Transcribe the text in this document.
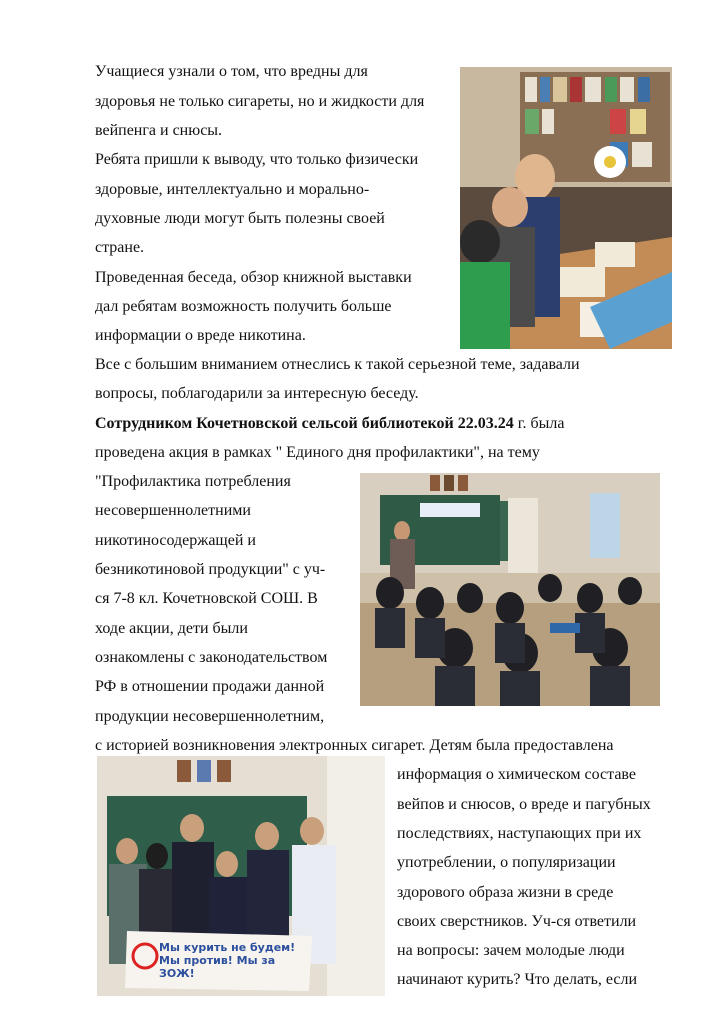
Учащиеся узнали о том, что вредны для
здоровья не только сигареты, но и жидкости для
вейпенга и снюсы.
Ребята пришли к выводу, что только физически
здоровые, интеллектуально и морально-
духовные люди могут быть полезны своей
стране.
Проведенная беседа, обзор книжной выставки
дал ребятам возможность получить больше
информации о вреде никотина.
Все с большим вниманием отнеслись к такой серьезной теме, задавали
вопросы, поблагодарили за интересную беседу.
Сотрудником Кочетновской сельсой библиотекой 22.03.24 г. была
проведена акция в рамках " Единого дня профилактики", на тему
"Профилактика потребления
несовершеннолетними
никотиносодержащей и
безникотиновой продукции" с уч-
ся 7-8 кл. Кочетновской СОШ. В
ходе акции, дети были
ознакомлены с законодательством
РФ в отношении продажи данной
продукции несовершеннолетним,
с историей возникновения электронных сигарет. Детям была предоставлена
информация о химическом составе
вейпов и снюсов, о вреде и пагубных
последствиях, наступающих при их
употреблении, о популяризации
здорового образа жизни в среде
своих сверстников. Уч-ся ответили
на вопросы: зачем молодые люди
начинают курить? Что делать, если
Мы курить не будем! Мы против! Мы за ЗОЖ!
